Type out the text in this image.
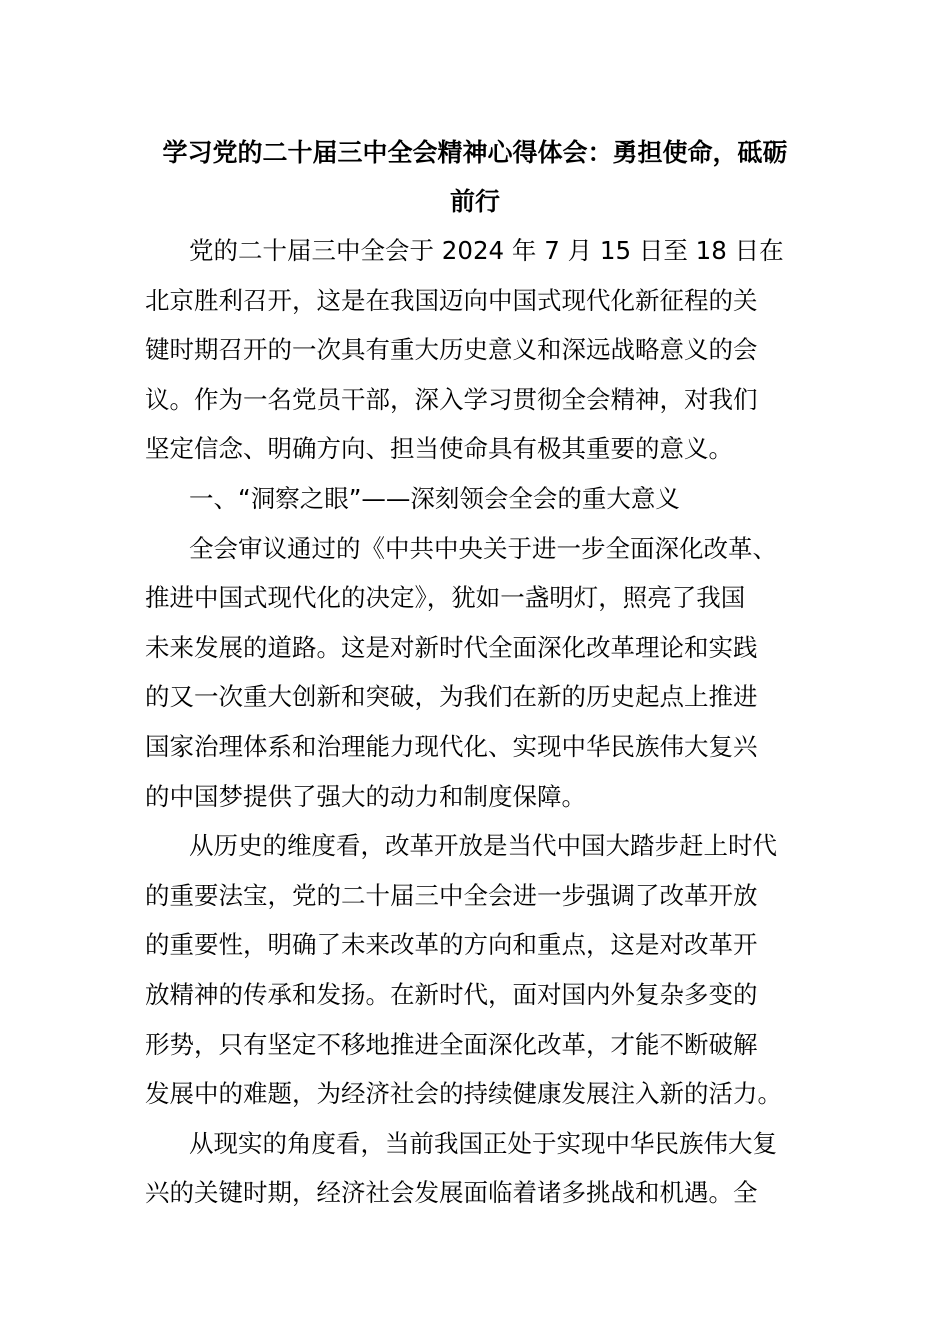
学习党的二十届三中全会精神心得体会：勇担使命，砥砺
前行
党的二十届三中全会于 2024 年 7 月 15 日至 18 日在
北京胜利召开，这是在我国迈向中国式现代化新征程的关
键时期召开的一次具有重大历史意义和深远战略意义的会
议。作为一名党员干部，深入学习贯彻全会精神，对我们
坚定信念、明确方向、担当使命具有极其重要的意义。
一、“洞察之眼”——深刻领会全会的重大意义
全会审议通过的《中共中央关于进一步全面深化改革、
推进中国式现代化的决定》，犹如一盏明灯，照亮了我国
未来发展的道路。这是对新时代全面深化改革理论和实践
的又一次重大创新和突破，为我们在新的历史起点上推进
国家治理体系和治理能力现代化、实现中华民族伟大复兴
的中国梦提供了强大的动力和制度保障。
从历史的维度看，改革开放是当代中国大踏步赶上时代
的重要法宝，党的二十届三中全会进一步强调了改革开放
的重要性，明确了未来改革的方向和重点，这是对改革开
放精神的传承和发扬。在新时代，面对国内外复杂多变的
形势，只有坚定不移地推进全面深化改革，才能不断破解
发展中的难题，为经济社会的持续健康发展注入新的活力。
从现实的角度看，当前我国正处于实现中华民族伟大复
兴的关键时期，经济社会发展面临着诸多挑战和机遇。全
